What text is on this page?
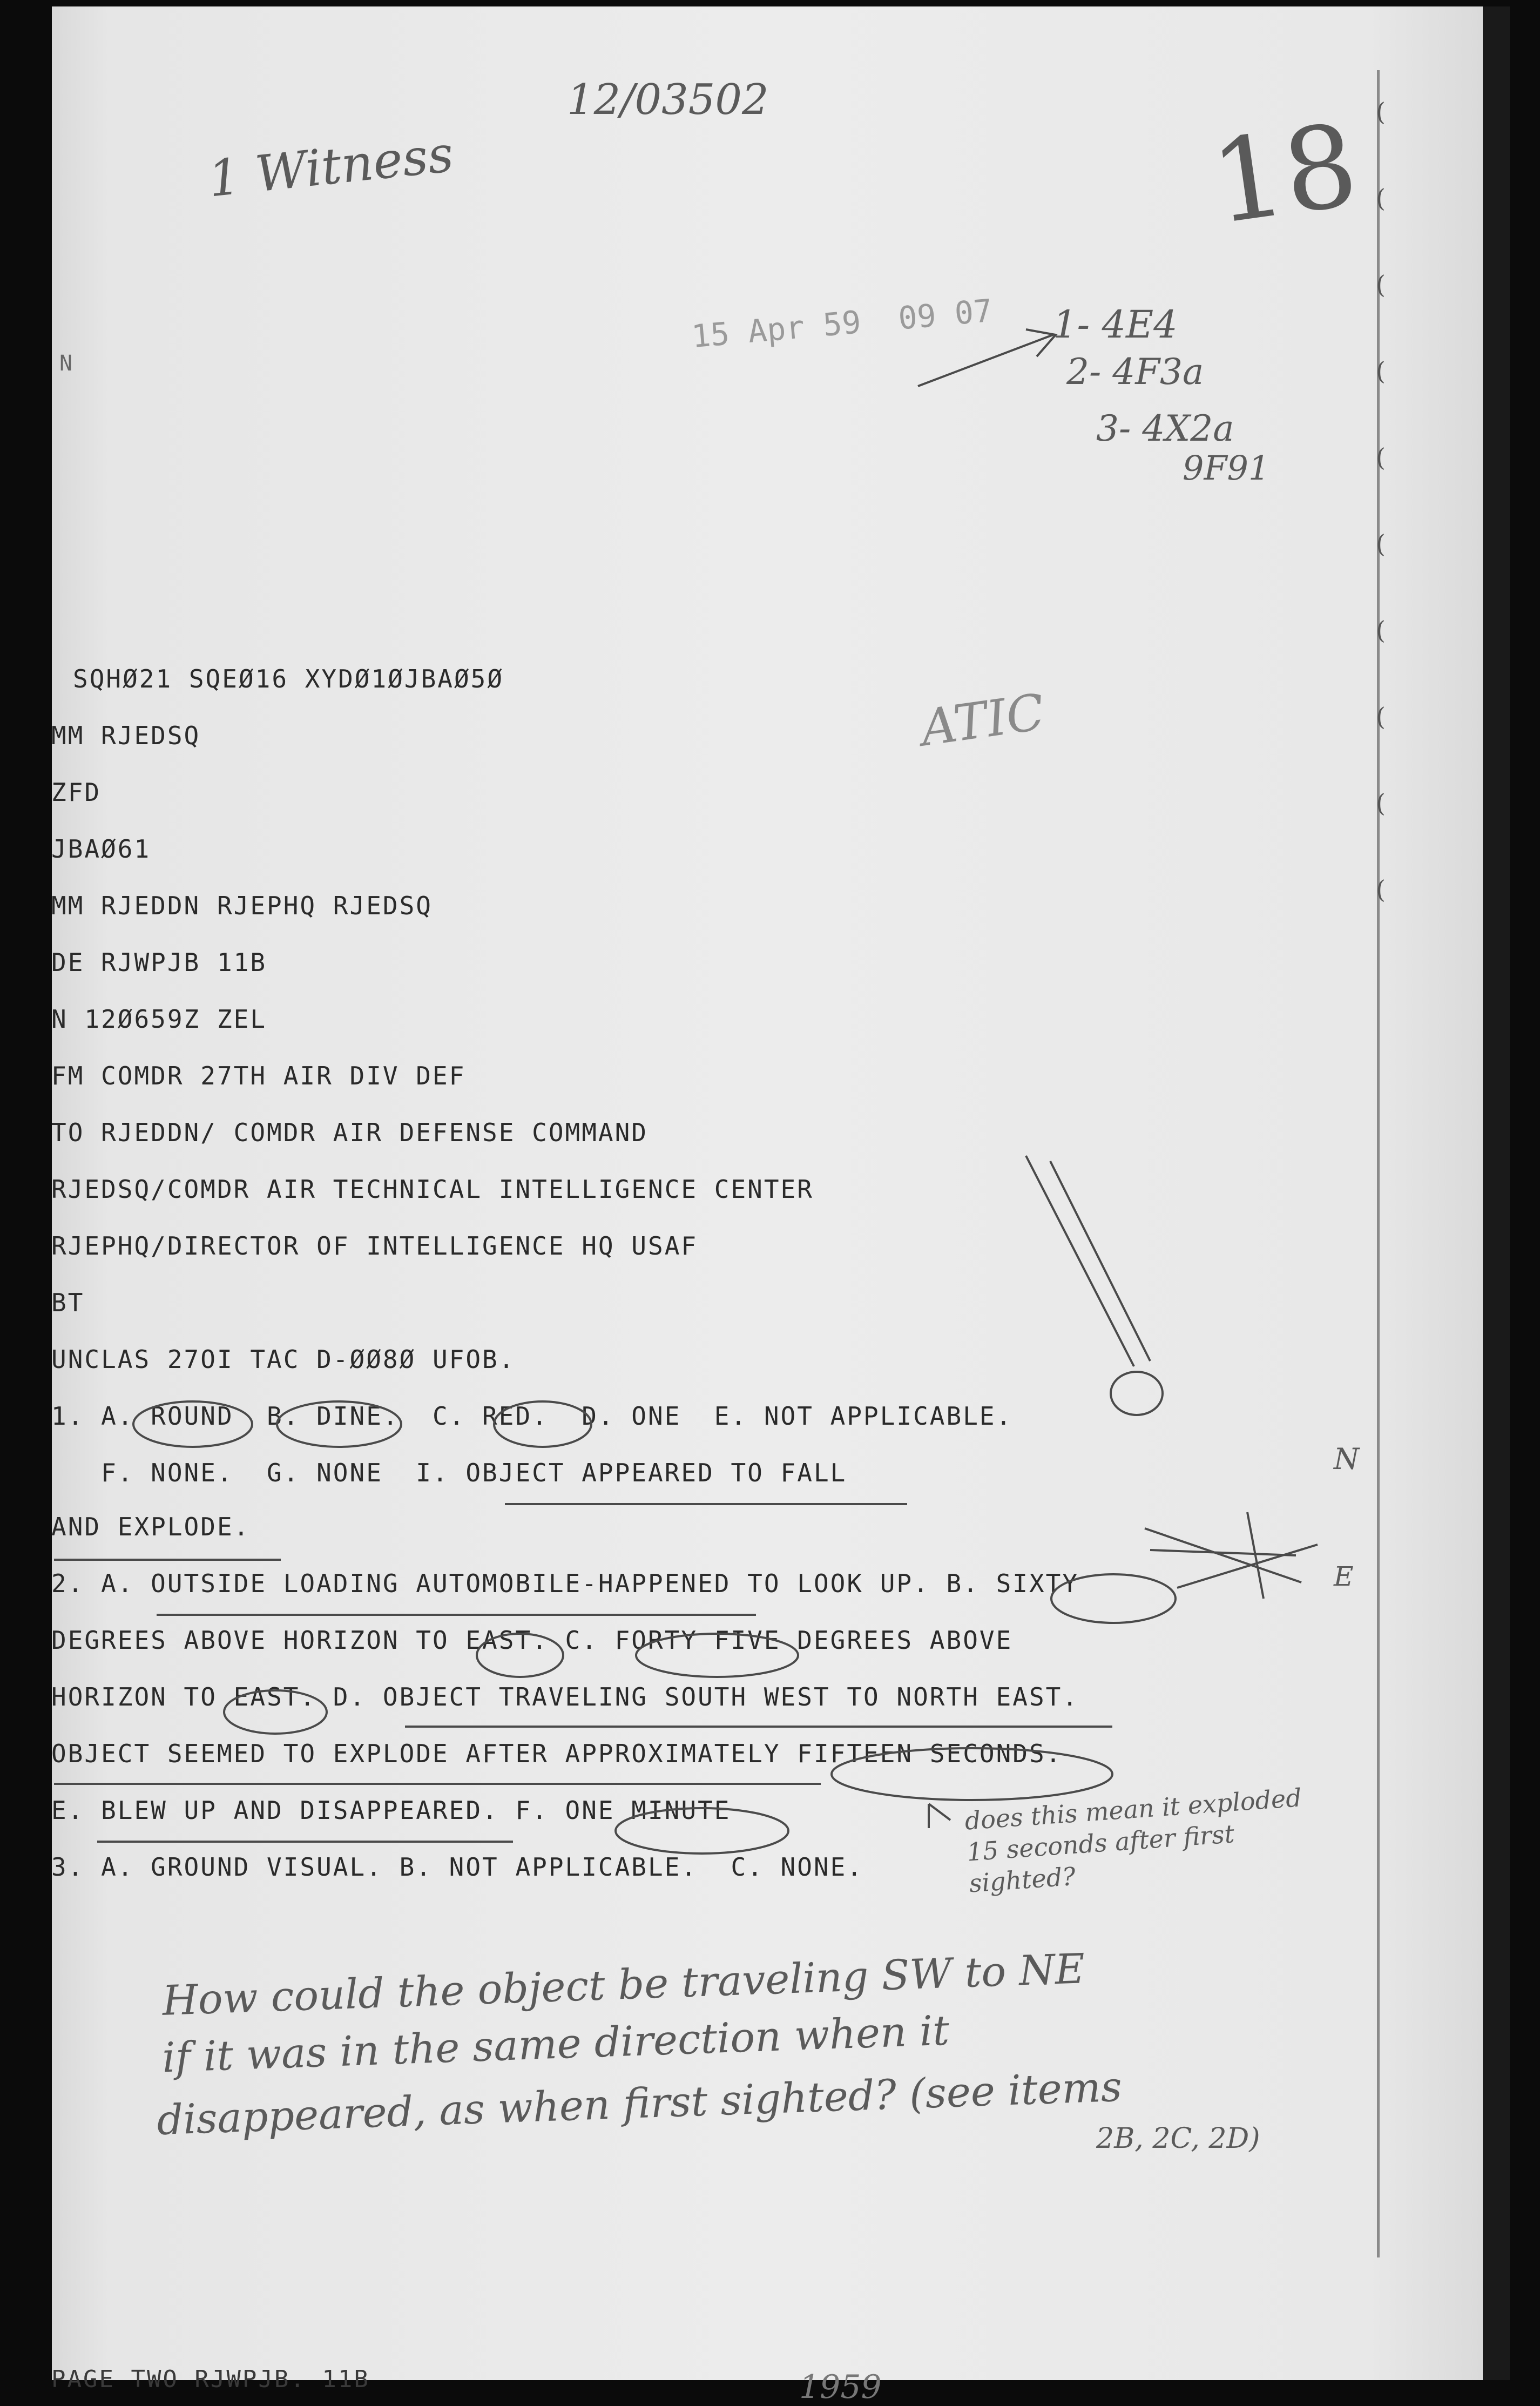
(
(
(
(
(
(
(
(
(
(
12/03502
1 Witness	18
15 Apr 59  09 07
N
1- 4E4
2- 4F3a
3- 4X2a
9F91
ATIC
SQHØ21 SQEØ16 XYDØ1ØJBAØ5Ø
MM RJEDSQ
ZFD
JBAØ61
MM RJEDDN RJEPHQ RJEDSQ
DE RJWPJB 11B
N 12Ø659Z ZEL
FM COMDR 27TH AIR DIV DEF
TO RJEDDN/ COMDR AIR DEFENSE COMMAND
RJEDSQ/COMDR AIR TECHNICAL INTELLIGENCE CENTER
RJEPHQ/DIRECTOR OF INTELLIGENCE HQ USAF
BT
UNCLAS 27OI TAC D-ØØ8Ø UFOB.
1. A. ROUND  B. DINE.  C. RED.  D. ONE  E. NOT APPLICABLE.
F. NONE.  G. NONE  I. OBJECT APPEARED TO FALL
AND EXPLODE.
2. A. OUTSIDE LOADING AUTOMOBILE-HAPPENED TO LOOK UP. B. SIXTY
DEGREES ABOVE HORIZON TO EAST. C. FORTY FIVE DEGREES ABOVE
HORIZON TO EAST. D. OBJECT TRAVELING SOUTH WEST TO NORTH EAST.
OBJECT SEEMED TO EXPLODE AFTER APPROXIMATELY FIFTEEN SECONDS.
E. BLEW UP AND DISAPPEARED. F. ONE MINUTE
3. A. GROUND VISUAL. B. NOT APPLICABLE.  C. NONE.
N
E
does this mean it exploded 15 seconds after first sighted?
How could the object be traveling SW to NE
if it was in the same direction when it
disappeared, as when first sighted? (see items
2B, 2C, 2D)
PAGE TWO RJWPJB. 11B	1959
